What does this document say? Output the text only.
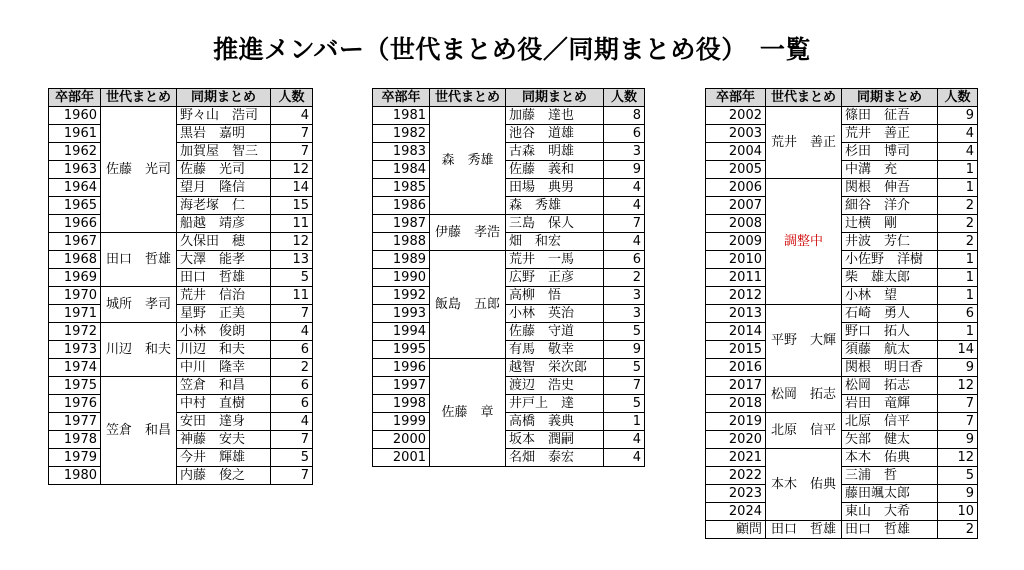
推進メンバー（世代まとめ役／同期まとめ役）　一覧
卒部年	世代まとめ	同期まとめ	人数
1960	佐藤　光司	野々山　浩司	4
1961		黒岩　嘉明	7
1962		加賀屋　智三	7
1963		佐藤　光司	12
1964		望月　隆信	14
1965		海老塚　仁	15
1966		船越　靖彦	11
1967	田口　哲雄	久保田　穂	12
1968		大澤　能孝	13
1969		田口　哲雄	5
1970	城所　孝司	荒井　信治	11
1971		星野　正美	7
1972	川辺　和夫	小林　俊朗	4
1973		川辺　和夫	6
1974		中川　隆幸	2
1975	笠倉　和昌	笠倉　和昌	6
1976		中村　直樹	6
1977		安田　達身	4
1978		神藤　安夫	7
1979		今井　輝雄	5
1980		内藤　俊之	7
卒部年	世代まとめ	同期まとめ	人数
1981	森　秀雄	加藤　達也	8
1982		池谷　道雄	6
1983		古森　明雄	3
1984		佐藤　義和	9
1985		田場　典男	4
1986		森　秀雄	4
1987	伊藤　孝浩	三島　保人	7
1988		畑　和宏	4
1989	飯島　五郎	荒井　一馬	6
1990		広野　正彦	2
1992		高柳　悟	3
1993		小林　英治	3
1994		佐藤　守道	5
1995		有馬　敬幸	9
1996	佐藤　章	越智　栄次郎	5
1997		渡辺　浩史	7
1998		井戸上　達	5
1999		高橋　義典	1
2000		坂本　潤嗣	4
2001		名畑　泰宏	4
卒部年	世代まとめ	同期まとめ	人数
2002	荒井　善正	篠田　征吾	9
2003		荒井　善正	4
2004		杉田　博司	4
2005		中溝　充	1
2006	調整中	関根　伸吾	1
2007		細谷　洋介	2
2008		辻横　剛	2
2009		井波　芳仁	2
2010		小佐野　洋樹	1
2011		柴　雄太郎	1
2012		小林　望	1
2013	平野　大輝	石崎　勇人	6
2014		野口　拓人	1
2015		須藤　航太	14
2016		関根　明日香	9
2017	松岡　拓志	松岡　拓志	12
2018		岩田　竜輝	7
2019	北原　信平	北原　信平	7
2020		矢部　健太	9
2021	本木　佑典	本木　佑典	12
2022		三浦　哲	5
2023		藤田颯太郎	9
2024		東山　大希	10
顧問	田口　哲雄	田口　哲雄	2
